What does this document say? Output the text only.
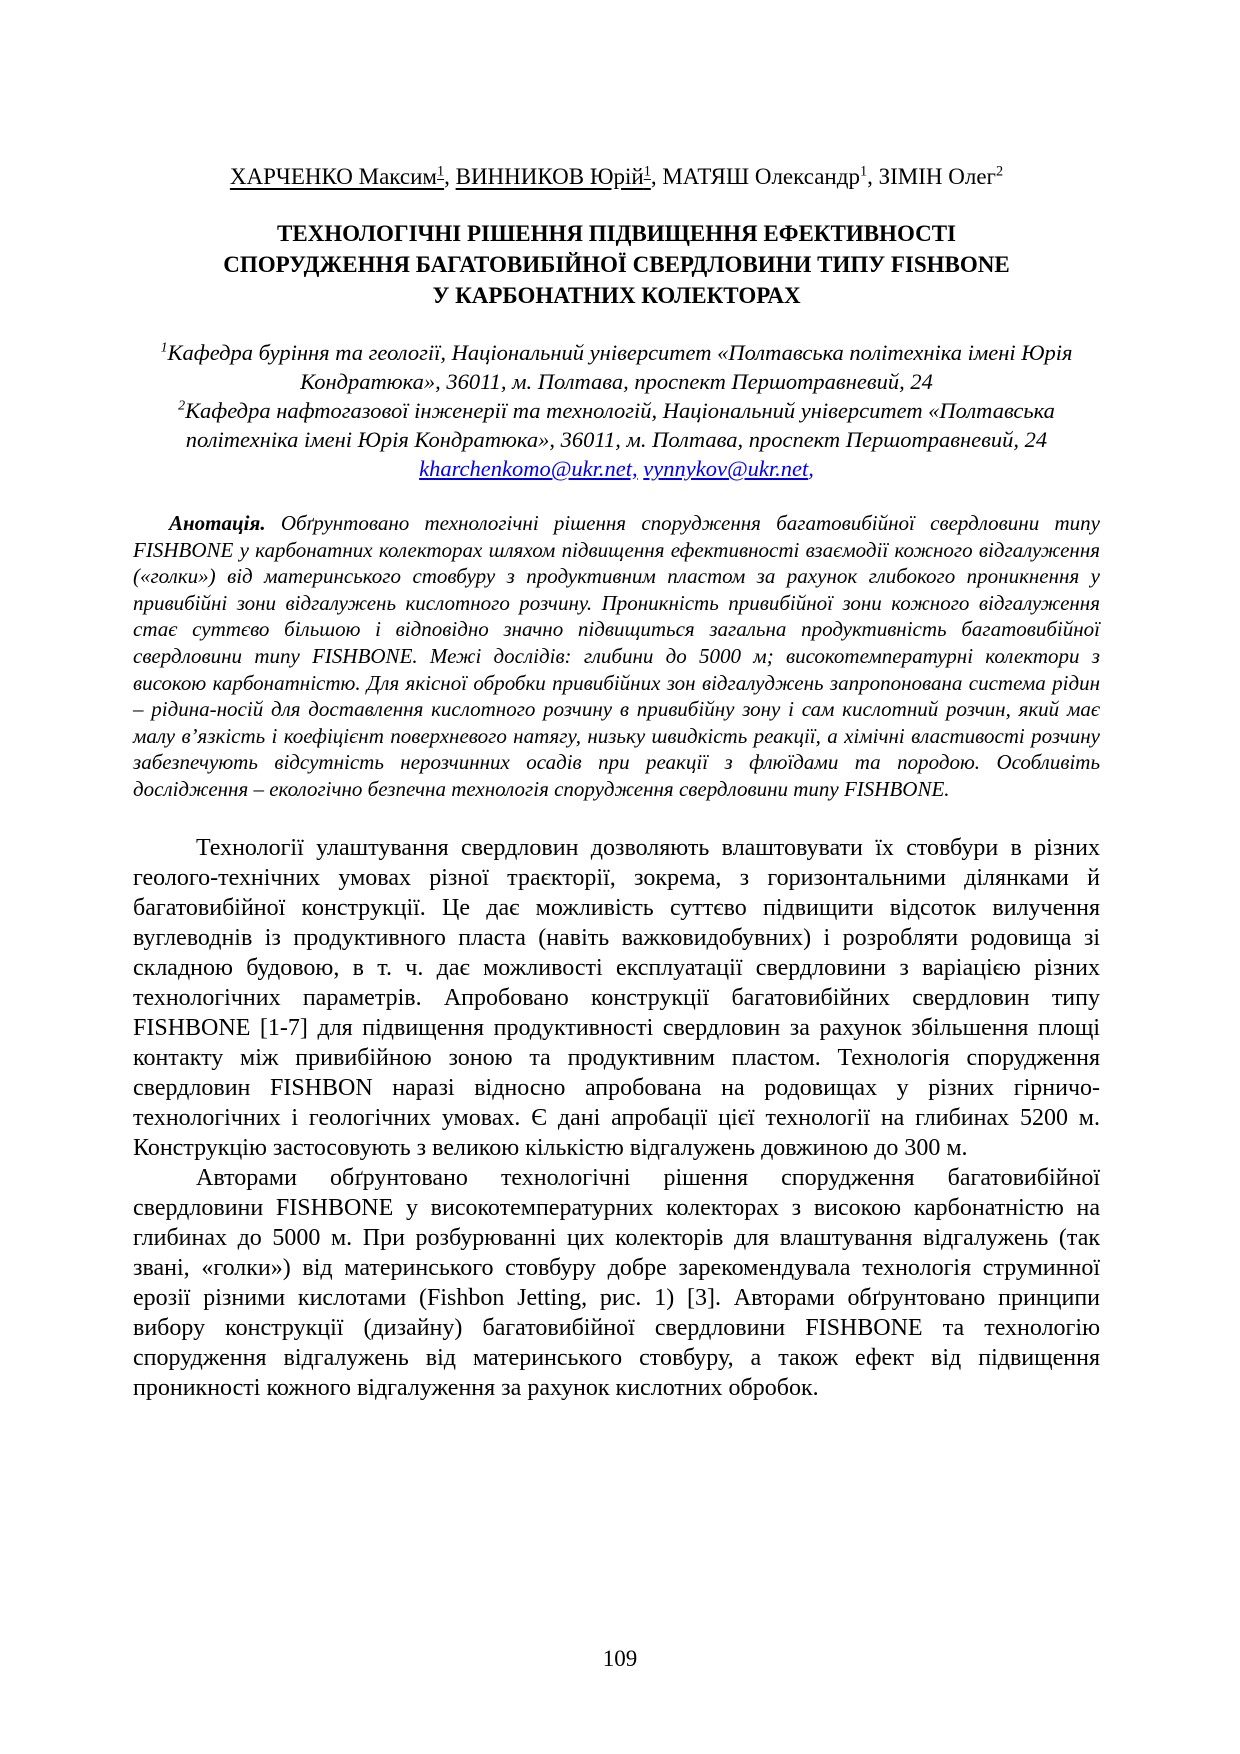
ХАРЧЕНКО Максим$^1$, ВИННИКОВ Юрій$^1$, МАТЯШ Олександр$^1$, ЗІМІН Олег$^2$
ТЕХНОЛОГІЧНІ РІШЕННЯ ПІДВИЩЕННЯ ЕФЕКТИВНОСТІ
СПОРУДЖЕННЯ БАГАТОВИБІЙНОЇ СВЕРДЛОВИНИ ТИПУ FISHBONE
У КАРБОНАТНИХ КОЛЕКТОРАХ
$^1$Кафедра буріння та геології, Національний університет «Полтавська політехніка імені Юрія Кондратюка», 36011, м. Полтава, проспект Першотравневий, 24
$^2$Кафедра нафтогазової інженерії та технологій, Національний університет «Полтавська політехніка імені Юрія Кондратюка», 36011, м. Полтава, проспект Першотравневий, 24
kharchenkomo@ukr.net, vynnykov@ukr.net,

Анотація. Обґрунтовано технологічні рішення спорудження багатовибійної свердловини типу FISHBONE у карбонатних колекторах шляхом підвищення ефективності взаємодії кожного відгалуження («голки») від материнського стовбуру з продуктивним пластом за рахунок глибокого проникнення у привибійні зони відгалужень кислотного розчину. Проникність привибійної зони кожного відгалуження стає суттєво більшою і відповідно значно підвищиться загальна продуктивність багатовибійної свердловини типу FISHBONE. Межі дослідів: глибини до 5000 м; високотемпературні колектори з високою карбонатністю. Для якісної обробки привибійних зон відгалуджень запропонована система рідин – рідина-носій для доставлення кислотного розчину в привибійну зону і сам кислотний розчин, який має малу в’язкість і коефіцієнт поверхневого натягу, низьку швидкість реакції, а хімічні властивості розчину забезпечують відсутність нерозчинних осадів при реакції з флюїдами та породою. Особливіть дослідження – екологічно безпечна технологія спорудження свердловини типу FISHBONE.

Технології улаштування свердловин дозволяють влаштовувати їх стовбури в різних геолого-технічних умовах різної траєкторії, зокрема, з горизонтальними ділянками й багатовибійної конструкції. Це дає можливість суттєво підвищити відсоток вилучення вуглеводнів із продуктивного пласта (навіть важковидобувних) і розробляти родовища зі складною будовою, в т. ч. дає можливості експлуатації свердловини з варіацією різних технологічних параметрів. Апробовано конструкції багатовибійних свердловин типу FISHBONE [1-7] для підвищення продуктивності свердловин за рахунок збільшення площі контакту між привибійною зоною та продуктивним пластом. Технологія спорудження свердловин FISHBON наразі відносно апробована на родовищах у різних гірничо-технологічних і геологічних умовах. Є дані апробації цієї технології на глибинах 5200 м. Конструкцію застосовують з великою кількістю відгалужень довжиною до 300 м.

Авторами обґрунтовано технологічні рішення спорудження багатовибійної свердловини FISHBONE у високотемпературних колекторах з високою карбонатністю на глибинах до 5000 м. При розбурюванні цих колекторів для влаштування відгалужень (так звані, «голки») від материнського стовбуру добре зарекомендувала технологія струминної ерозії різними кислотами (Fishbon Jetting, рис. 1) [3]. Авторами обґрунтовано принципи вибору конструкції (дизайну) багатовибійної свердловини FISHBONE та технологію спорудження відгалужень від материнського стовбуру, а також ефект від підвищення проникності кожного відгалуження за рахунок кислотних обробок.

109
